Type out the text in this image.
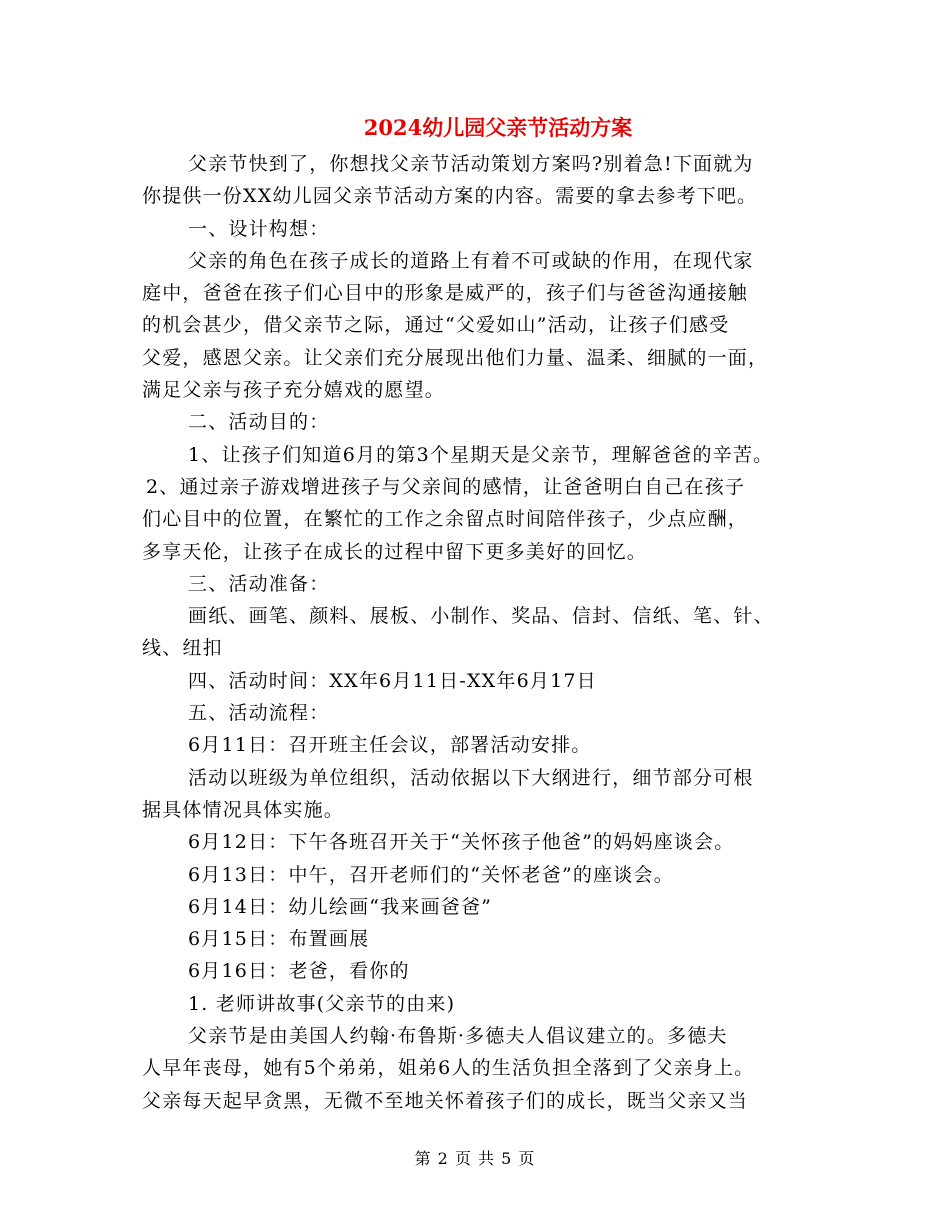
2024幼儿园父亲节活动方案
父亲节快到了，你想找父亲节活动策划方案吗?别着急!下面就为
你提供一份XX幼儿园父亲节活动方案的内容。需要的拿去参考下吧。
一、设计构想：
父亲的角色在孩子成长的道路上有着不可或缺的作用，在现代家
庭中，爸爸在孩子们心目中的形象是威严的，孩子们与爸爸沟通接触
的机会甚少，借父亲节之际，通过“父爱如山”活动，让孩子们感受
父爱，感恩父亲。让父亲们充分展现出他们力量、温柔、细腻的一面，
满足父亲与孩子充分嬉戏的愿望。
二、活动目的：
1、让孩子们知道6月的第3个星期天是父亲节，理解爸爸的辛苦。
2、通过亲子游戏增进孩子与父亲间的感情，让爸爸明白自己在孩子
们心目中的位置，在繁忙的工作之余留点时间陪伴孩子，少点应酬，
多享天伦，让孩子在成长的过程中留下更多美好的回忆。
三、活动准备：
画纸、画笔、颜料、展板、小制作、奖品、信封、信纸、笔、针、
线、纽扣
四、活动时间：XX年6月11日-XX年6月17日
五、活动流程：
6月11日：召开班主任会议，部署活动安排。
活动以班级为单位组织，活动依据以下大纲进行，细节部分可根
据具体情况具体实施。
6月12日：下午各班召开关于“关怀孩子他爸”的妈妈座谈会。
6月13日：中午，召开老师们的“关怀老爸”的座谈会。
6月14日：幼儿绘画“我来画爸爸”
6月15日：布置画展
6月16日：老爸，看你的
1. 老师讲故事(父亲节的由来)
父亲节是由美国人约翰·布鲁斯·多德夫人倡议建立的。多德夫
人早年丧母，她有5个弟弟，姐弟6人的生活负担全落到了父亲身上。
父亲每天起早贪黑，无微不至地关怀着孩子们的成长，既当父亲又当
第 2 页 共 5 页
